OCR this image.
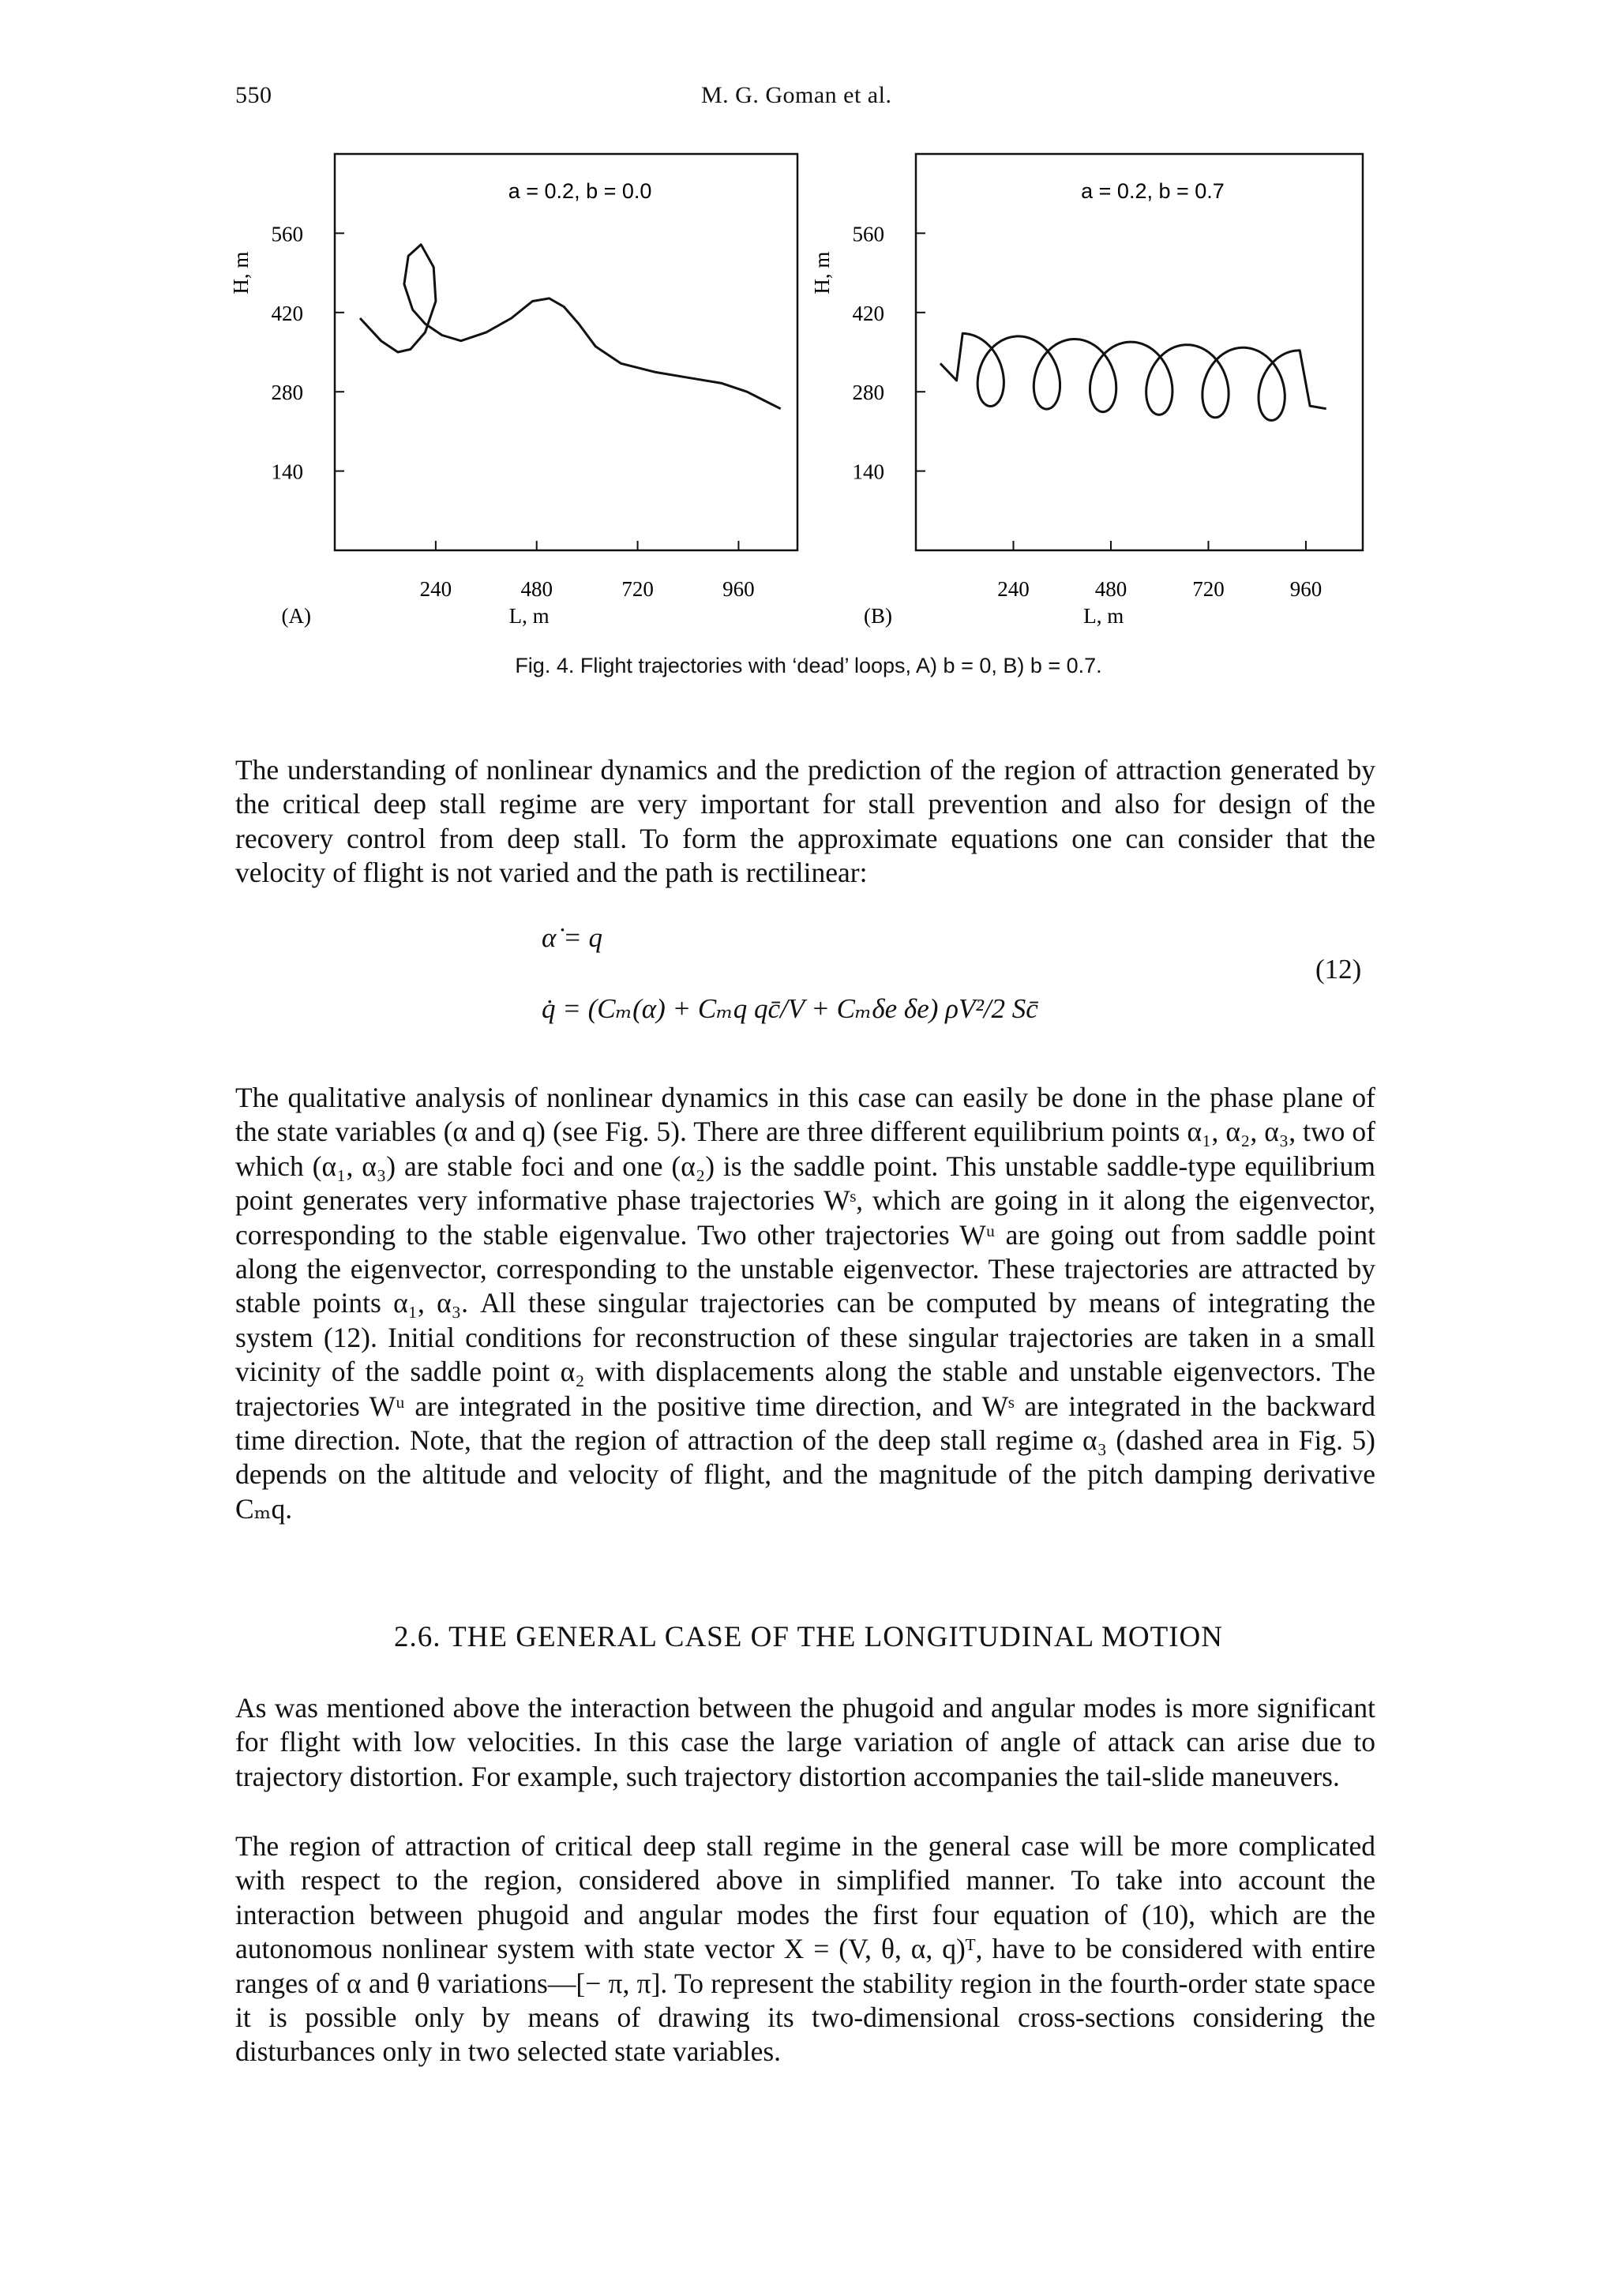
550	M. G. Goman et al.
560
420
280
140
240	480	720	960
L, m
H, m
(A)
a = 0.2, b = 0.0
560
420
280
140
240	480	720	960
L, m
H, m
(B)
a = 0.2, b = 0.7
Fig. 4. Flight trajectories with ‘dead’ loops, A) b = 0, B) b = 0.7.

The understanding of nonlinear dynamics and the prediction of the region of attraction generated by the critical deep stall regime are very important for stall prevention and also for design of the recovery control from deep stall. To form the approximate equations one can consider that the velocity of flight is not varied and the path is rectilinear:

α̇ = q
q̇ = (Cₘ(α) + Cₘq qc̄/V + Cₘδe δe) ρV²/2 Sc̄
(12)

The qualitative analysis of nonlinear dynamics in this case can easily be done in the phase plane of the state variables (α and q) (see Fig. 5). There are three different equilibrium points α₁, α₂, α₃, two of which (α₁, α₃) are stable foci and one (α₂) is the saddle point. This unstable saddle-type equilibrium point generates very informative phase trajectories Wˢ, which are going in it along the eigenvector, corresponding to the stable eigenvalue. Two other trajectories Wᵘ are going out from saddle point along the eigenvector, corresponding to the unstable eigenvector. These trajectories are attracted by stable points α₁, α₃. All these singular trajectories can be computed by means of integrating the system (12). Initial conditions for reconstruction of these singular trajectories are taken in a small vicinity of the saddle point α₂ with displacements along the stable and unstable eigenvectors. The trajectories Wᵘ are integrated in the positive time direction, and Wˢ are integrated in the backward time direction. Note, that the region of attraction of the deep stall regime α₃ (dashed area in Fig. 5) depends on the altitude and velocity of flight, and the magnitude of the pitch damping derivative Cₘq.

2.6. THE GENERAL CASE OF THE LONGITUDINAL MOTION

As was mentioned above the interaction between the phugoid and angular modes is more significant for flight with low velocities. In this case the large variation of angle of attack can arise due to trajectory distortion. For example, such trajectory distortion accompanies the tail-slide maneuvers.

The region of attraction of critical deep stall regime in the general case will be more complicated with respect to the region, considered above in simplified manner. To take into account the interaction between phugoid and angular modes the first four equation of (10), which are the autonomous nonlinear system with state vector X = (V, θ, α, q)ᵀ, have to be considered with entire ranges of α and θ variations—[− π, π]. To represent the stability region in the fourth-order state space it is possible only by means of drawing its two-dimensional cross-sections considering the disturbances only in two selected state variables.
